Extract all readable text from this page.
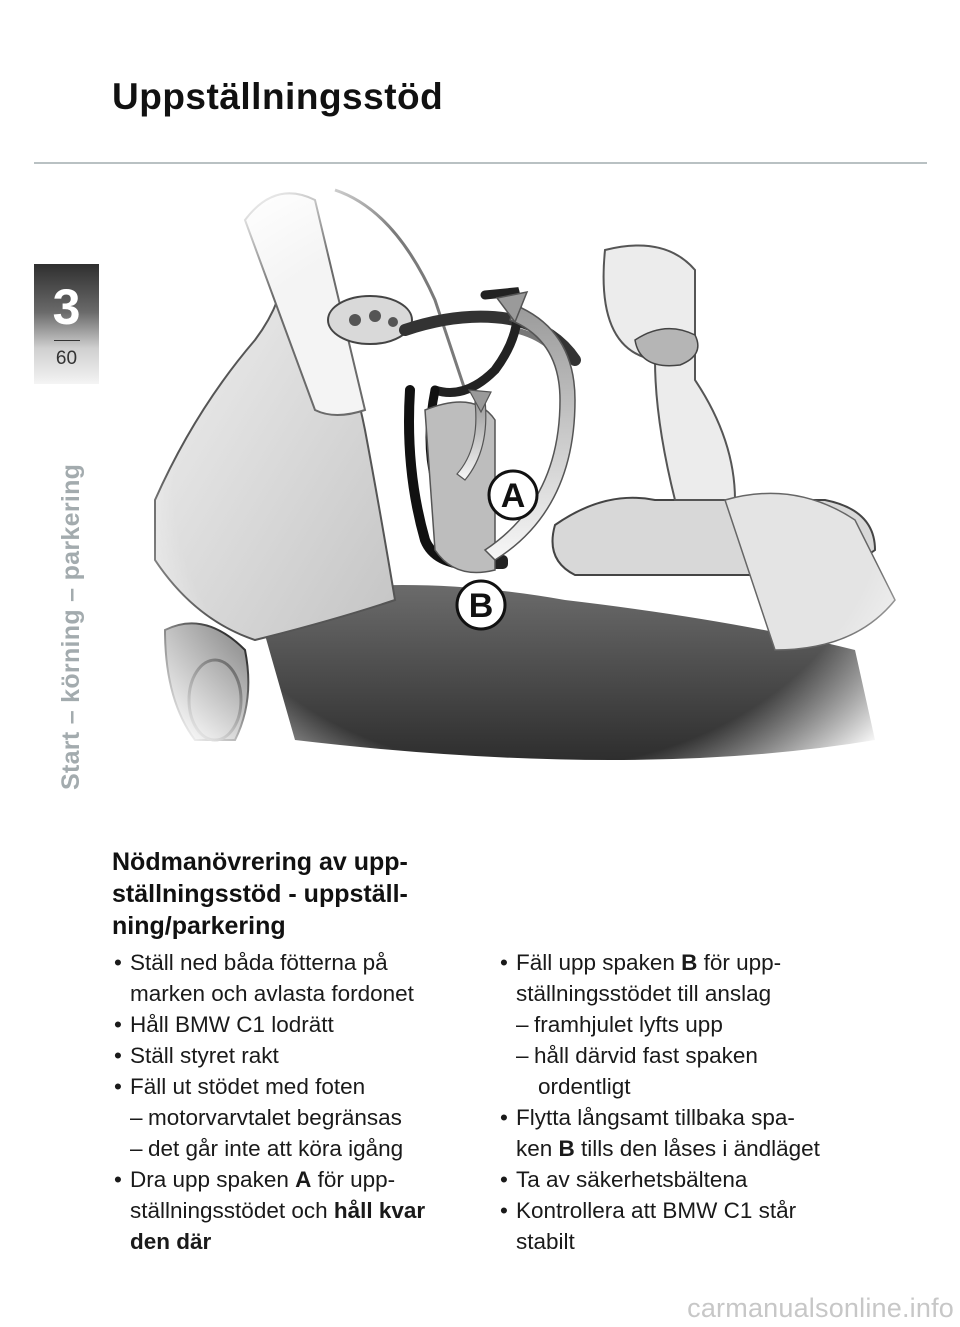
Uppställningsstöd
3
60
Start – körning – parkering	A
B
Nödmanövrering av upp-
ställningsstöd - uppställ-
ning/parkering
• Ställ ned båda fötterna på
marken och avlasta fordonet
• Håll BMW C1 lodrätt
• Ställ styret rakt
• Fäll ut stödet med foten
– motorvarvtalet begränsas
– det går inte att köra igång
• Dra upp spaken A för upp-
ställningsstödet och håll kvar
den där
• Fäll upp spaken B för upp-
ställningsstödet till anslag
– framhjulet lyfts upp
– håll därvid fast spaken
ordentligt
• Flytta långsamt tillbaka spa-
ken B tills den låses i ändläget
• Ta av säkerhetsbältena
• Kontrollera att BMW C1 står
stabilt
carmanualsonline.info
